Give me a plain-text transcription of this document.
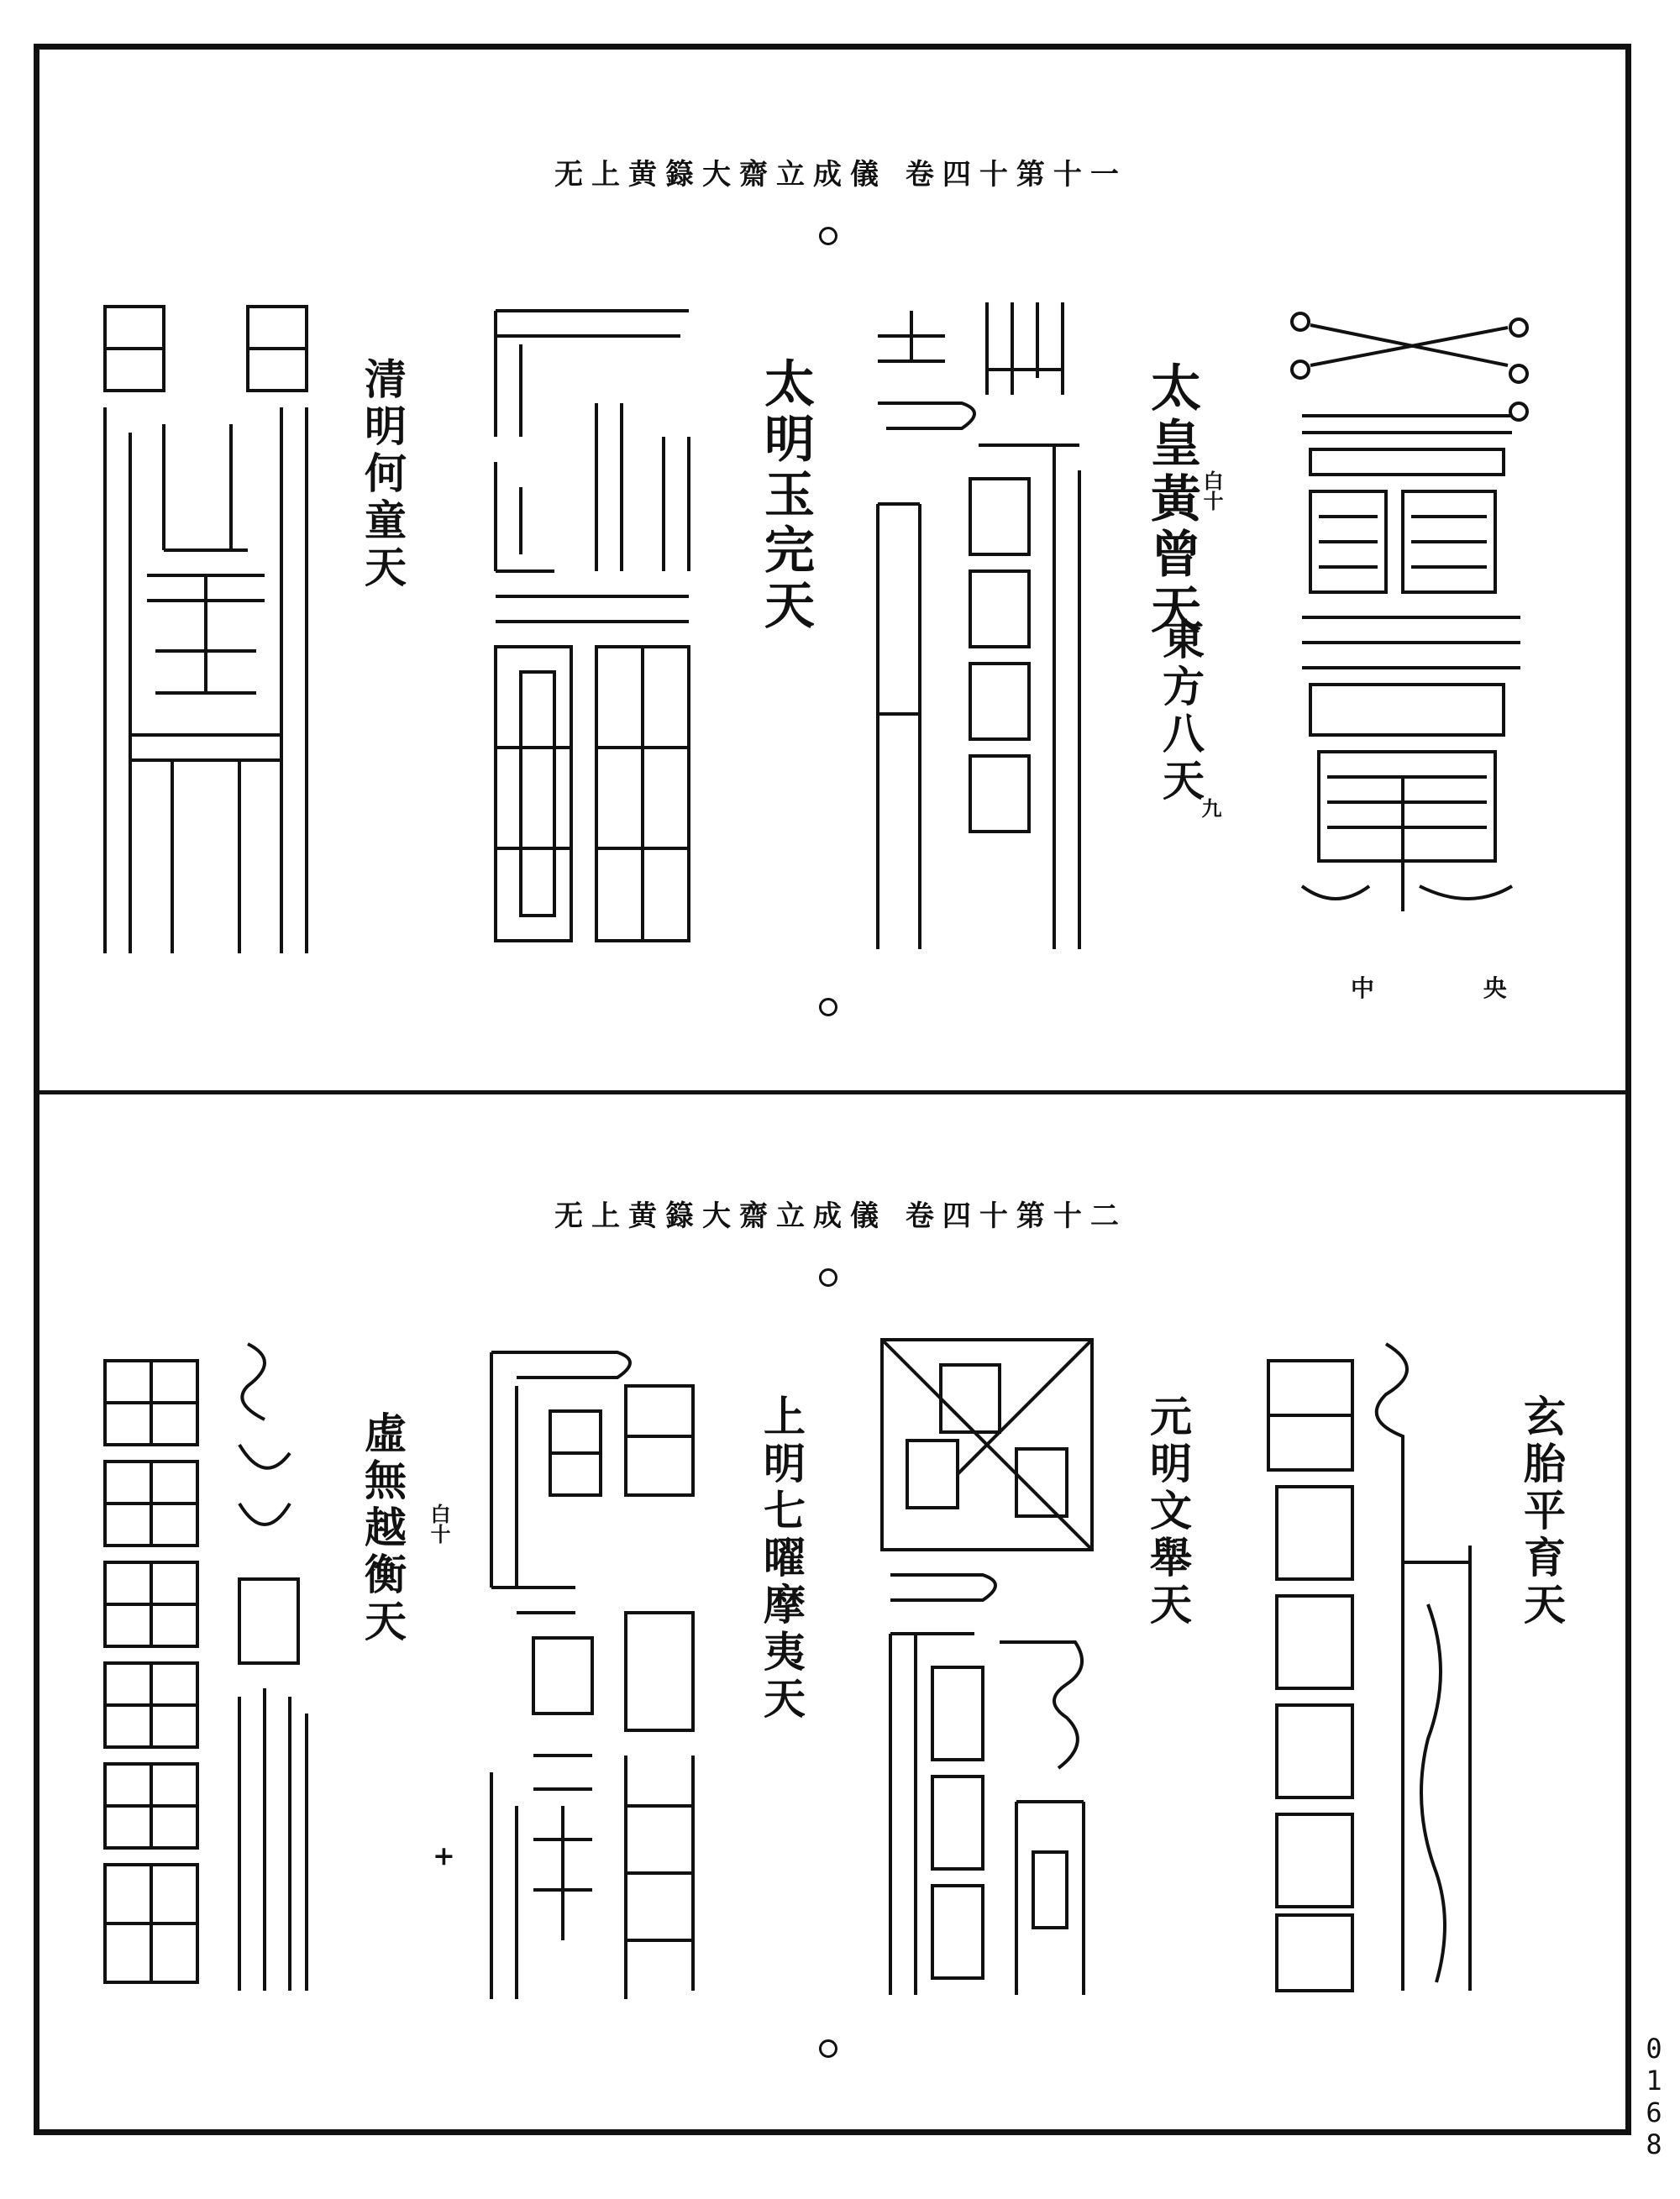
无上黄籙大齋立成儀 卷四十第十一
中 央
太皇黃曾天
白十
東方八天
九
太明玉完天
清明何童天
无上黄籙大齋立成儀 卷四十第十二
玄胎平育天
元明文舉天
上明七曜摩夷天
虛無越衡天 白十
+
0168
